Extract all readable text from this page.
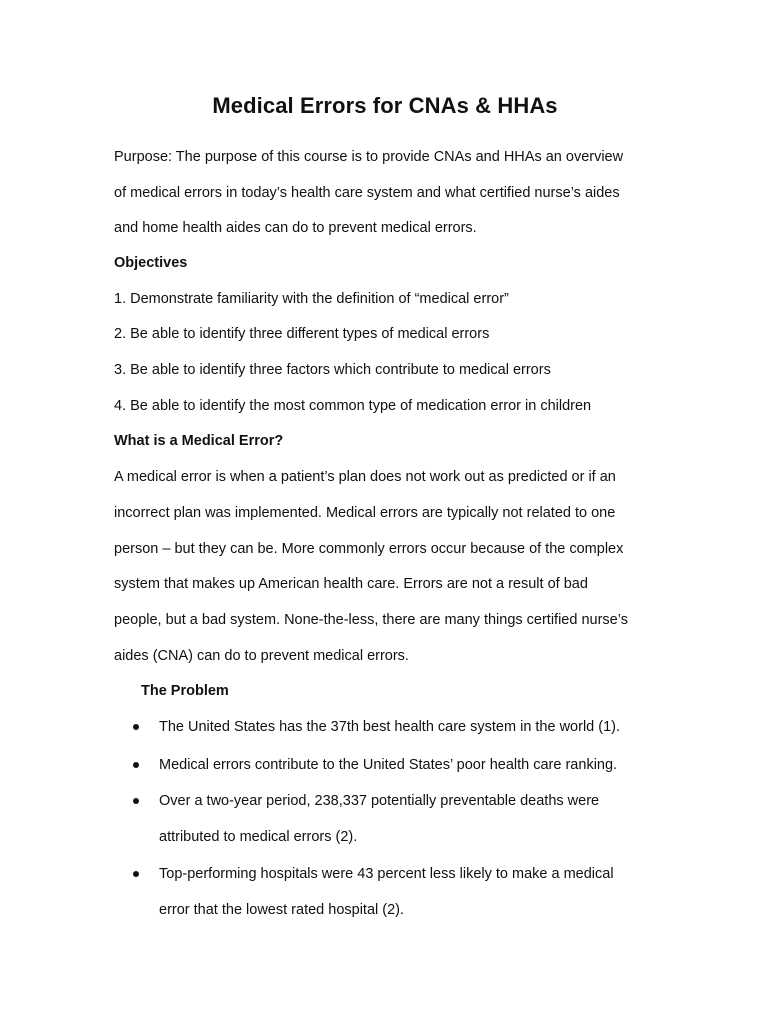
Medical Errors for CNAs & HHAs
Purpose: The purpose of this course is to provide CNAs and HHAs an overview
of medical errors in today’s health care system and what certified nurse’s aides
and home health aides can do to prevent medical errors.
Objectives
1. Demonstrate familiarity with the definition of “medical error”
2. Be able to identify three different types of medical errors
3. Be able to identify three factors which contribute to medical errors
4. Be able to identify the most common type of medication error in children
What is a Medical Error?
A medical error is when a patient’s plan does not work out as predicted or if an
incorrect plan was implemented. Medical errors are typically not related to one
person – but they can be. More commonly errors occur because of the complex
system that makes up American health care. Errors are not a result of bad
people, but a bad system. None-the-less, there are many things certified nurse’s
aides (CNA) can do to prevent medical errors.
The Problem
The United States has the 37th best health care system in the world (1).
Medical errors contribute to the United States’ poor health care ranking.
Over a two-year period, 238,337 potentially preventable deaths were
attributed to medical errors (2).
Top-performing hospitals were 43 percent less likely to make a medical
error that the lowest rated hospital (2).
